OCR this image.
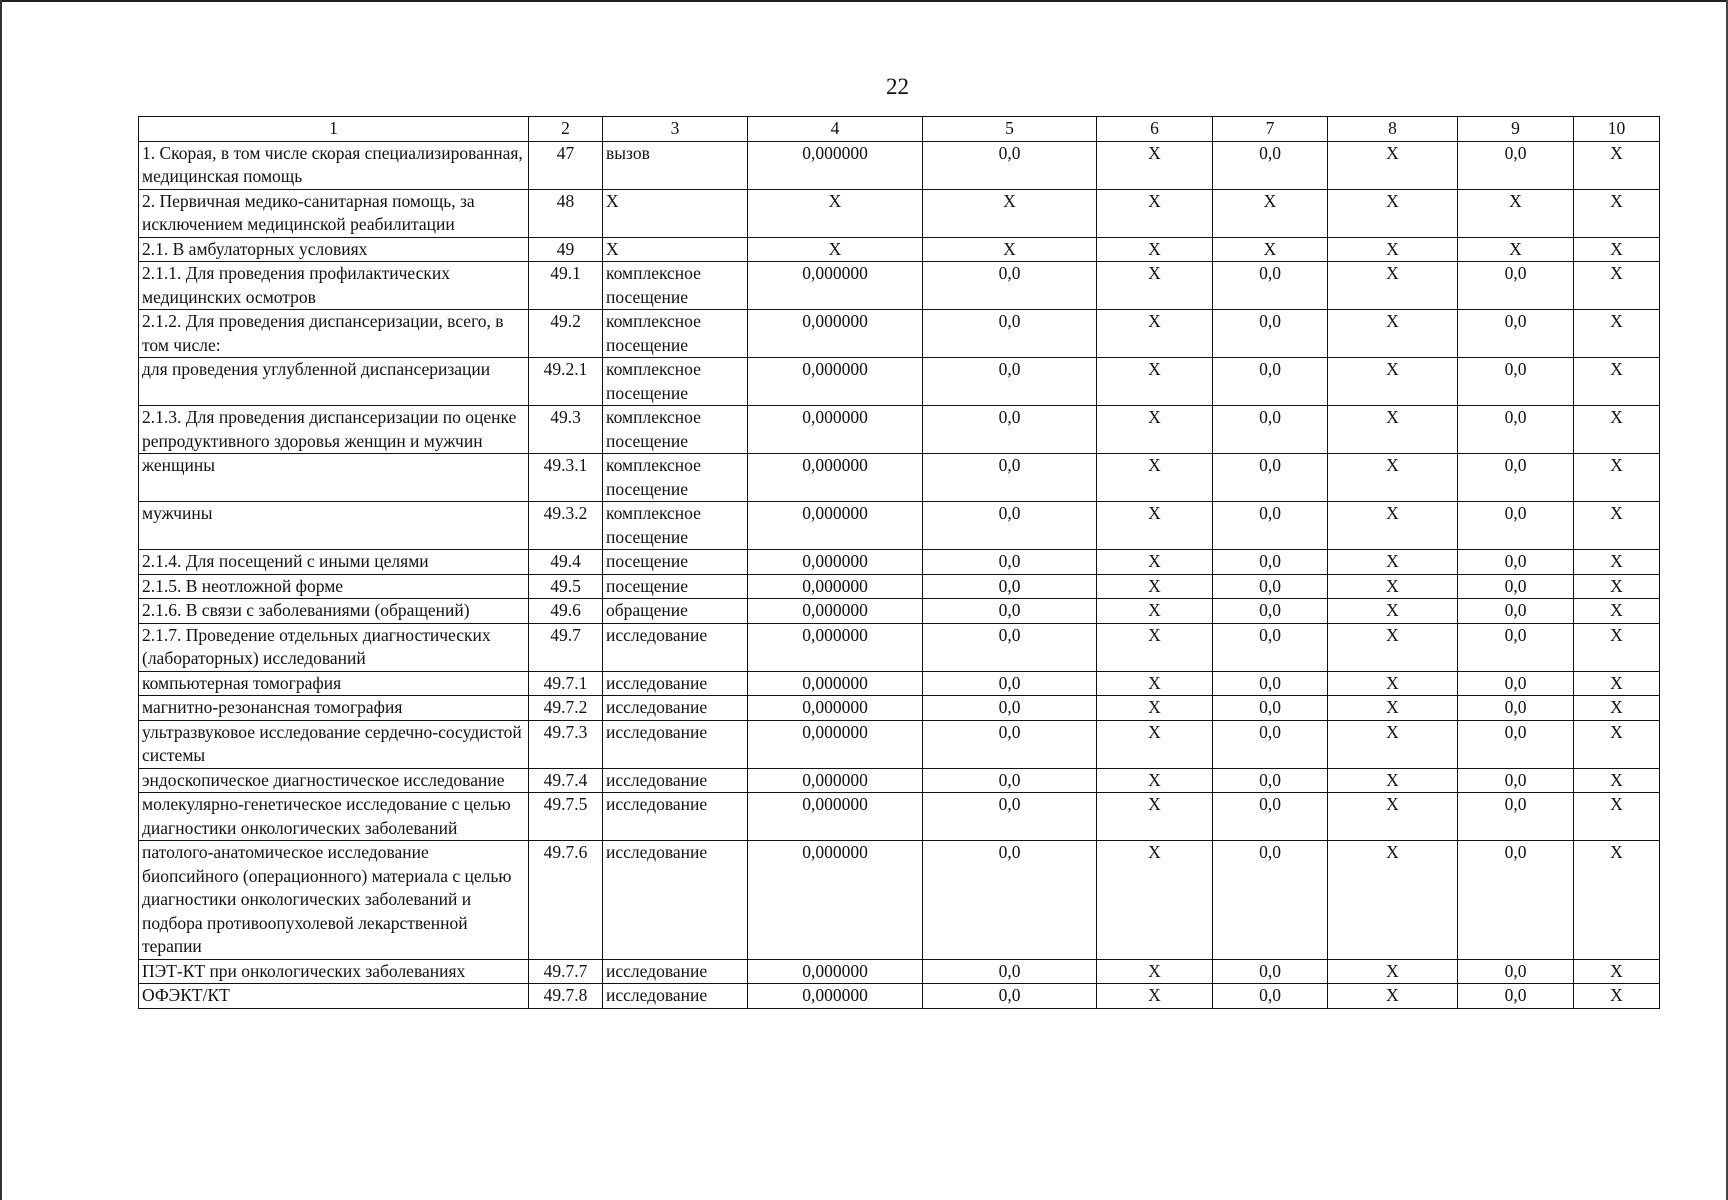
22
1	2	3	4	5	6	7	8	9	10
1. Скорая, в том числе скорая специализированная, медицинская помощь	47	вызов	0,000000	0,0	X	0,0	X	0,0	X
2. Первичная медико-санитарная помощь, за исключением медицинской реабилитации	48	X	X	X	X	X	X	X	X
2.1. В амбулаторных условиях	49	X	X	X	X	X	X	X	X
2.1.1. Для проведения профилактических медицинских осмотров	49.1	комплексное посещение	0,000000	0,0	X	0,0	X	0,0	X
2.1.2. Для проведения диспансеризации, всего, в том числе:	49.2	комплексное посещение	0,000000	0,0	X	0,0	X	0,0	X
для проведения углубленной диспансеризации	49.2.1	комплексное посещение	0,000000	0,0	X	0,0	X	0,0	X
2.1.3. Для проведения диспансеризации по оценке репродуктивного здоровья женщин и мужчин	49.3	комплексное посещение	0,000000	0,0	X	0,0	X	0,0	X
женщины	49.3.1	комплексное посещение	0,000000	0,0	X	0,0	X	0,0	X
мужчины	49.3.2	комплексное посещение	0,000000	0,0	X	0,0	X	0,0	X
2.1.4. Для посещений с иными целями	49.4	посещение	0,000000	0,0	X	0,0	X	0,0	X
2.1.5. В неотложной форме	49.5	посещение	0,000000	0,0	X	0,0	X	0,0	X
2.1.6. В связи с заболеваниями (обращений)	49.6	обращение	0,000000	0,0	X	0,0	X	0,0	X
2.1.7. Проведение отдельных диагностических (лабораторных) исследований	49.7	исследование	0,000000	0,0	X	0,0	X	0,0	X
компьютерная томография	49.7.1	исследование	0,000000	0,0	X	0,0	X	0,0	X
магнитно-резонансная томография	49.7.2	исследование	0,000000	0,0	X	0,0	X	0,0	X
ультразвуковое исследование сердечно-сосудистой системы	49.7.3	исследование	0,000000	0,0	X	0,0	X	0,0	X
эндоскопическое диагностическое исследование	49.7.4	исследование	0,000000	0,0	X	0,0	X	0,0	X
молекулярно-генетическое исследование с целью диагностики онкологических заболеваний	49.7.5	исследование	0,000000	0,0	X	0,0	X	0,0	X
патолого-анатомическое исследование биопсийного (операционного) материала с целью диагностики онкологических заболеваний и подбора противоопухолевой лекарственной терапии	49.7.6	исследование	0,000000	0,0	X	0,0	X	0,0	X
ПЭТ-КТ при онкологических заболеваниях	49.7.7	исследование	0,000000	0,0	X	0,0	X	0,0	X
ОФЭКТ/КТ	49.7.8	исследование	0,000000	0,0	X	0,0	X	0,0	X
